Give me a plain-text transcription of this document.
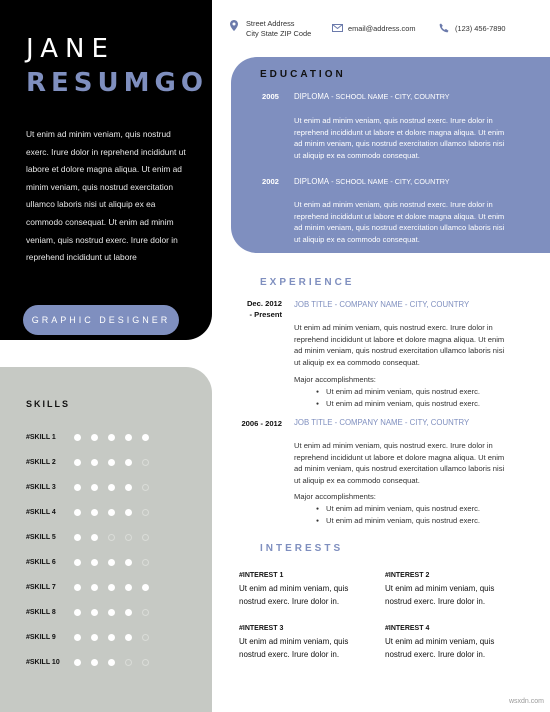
JANE
RESUMGO
Ut enim ad minim veniam, quis nostrud exerc. Irure dolor in reprehend incididunt ut labore et dolore magna aliqua. Ut enim ad minim veniam, quis nostrud exercitation ullamco laboris nisi ut aliquip ex ea commodo consequat. Ut enim ad minim veniam, quis nostrud exerc. Irure dolor in reprehend incididunt ut labore
GRAPHIC DESIGNER
SKILLS
#SKILL 1
#SKILL 2
#SKILL 3
#SKILL 4
#SKILL 5
#SKILL 6
#SKILL 7
#SKILL 8
#SKILL 9
#SKILL 10
Street Address
City State ZIP Code
email@address.com	(123) 456-7890
EDUCATION
2005 DIPLOMA - SCHOOL NAME - CITY, COUNTRY
Ut enim ad minim veniam, quis nostrud exerc. Irure dolor in reprehend incididunt ut labore et dolore magna aliqua. Ut enim ad minim veniam, quis nostrud exercitation ullamco laboris nisi ut aliquip ex ea commodo consequat.
2002 DIPLOMA - SCHOOL NAME - CITY, COUNTRY
Ut enim ad minim veniam, quis nostrud exerc. Irure dolor in reprehend incididunt ut labore et dolore magna aliqua. Ut enim ad minim veniam, quis nostrud exercitation ullamco laboris nisi ut aliquip ex ea commodo consequat.
EXPERIENCE
Dec. 2012
- Present
JOB TITLE - COMPANY NAME - CITY, COUNTRY
Ut enim ad minim veniam, quis nostrud exerc. Irure dolor in reprehend incididunt ut labore et dolore magna aliqua. Ut enim ad minim veniam, quis nostrud exercitation ullamco laboris nisi ut aliquip ex ea commodo consequat.
Major accomplishments:
● Ut enim ad minim veniam, quis nostrud exerc.
● Ut enim ad minim veniam, quis nostrud exerc.
2006 - 2012 JOB TITLE - COMPANY NAME - CITY, COUNTRY
Ut enim ad minim veniam, quis nostrud exerc. Irure dolor in reprehend incididunt ut labore et dolore magna aliqua. Ut enim ad minim veniam, quis nostrud exercitation ullamco laboris nisi ut aliquip ex ea commodo consequat.
Major accomplishments:
● Ut enim ad minim veniam, quis nostrud exerc.
● Ut enim ad minim veniam, quis nostrud exerc.
INTERESTS
#INTEREST 1
Ut enim ad minim veniam, quis nostrud exerc. Irure dolor in.
#INTEREST 2
Ut enim ad minim veniam, quis nostrud exerc. Irure dolor in.
#INTEREST 3
Ut enim ad minim veniam, quis nostrud exerc. Irure dolor in.
#INTEREST 4
Ut enim ad minim veniam, quis nostrud exerc. Irure dolor in.
wsxdn.com
